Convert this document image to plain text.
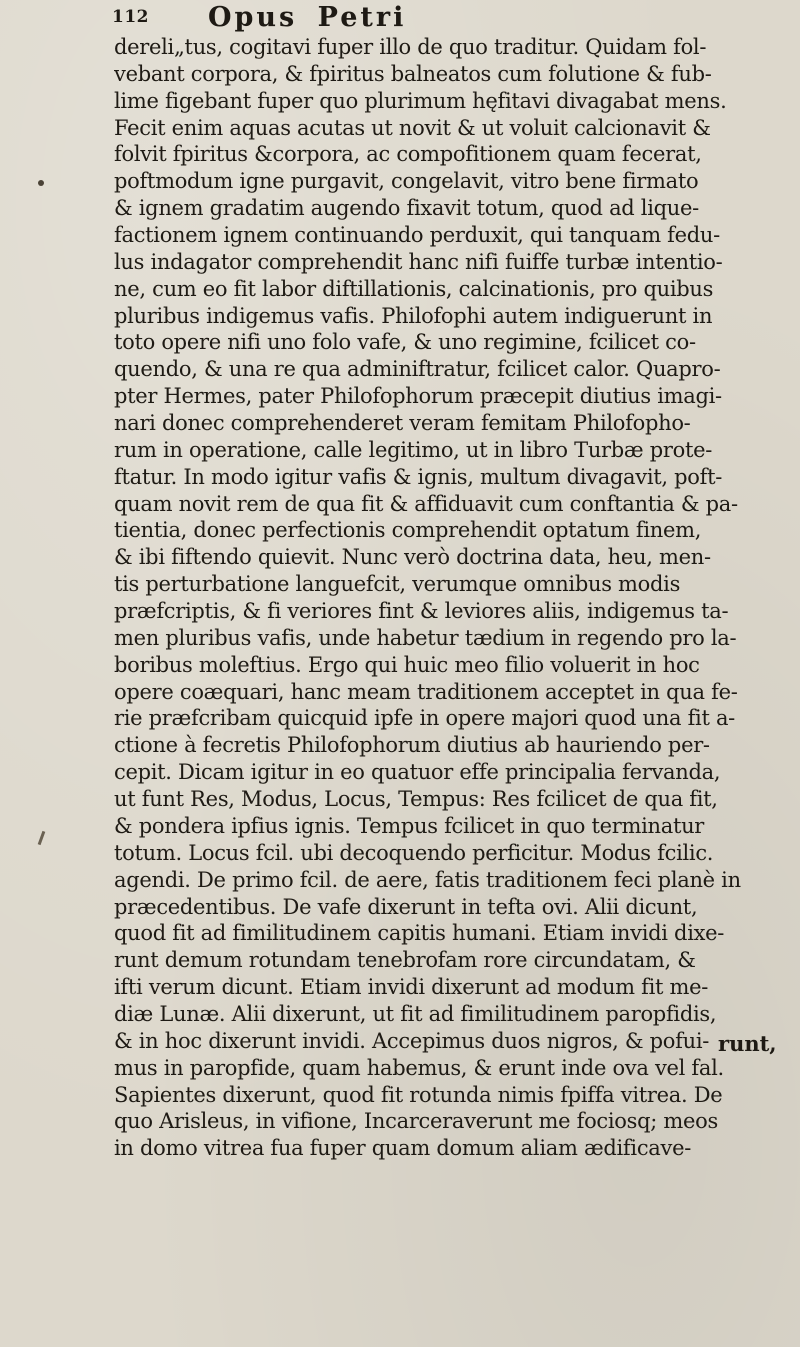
112 Opus Petri
dereli„tus, cogitavi fuper illo de quo traditur. Quidam fol-
vebant corpora, & fpiritus balneatos cum folutione & fub-
lime figebant fuper quo plurimum hęfitavi divagabat mens.
Fecit enim aquas acutas ut novit & ut voluit calcionavit &
folvit fpiritus &corpora, ac compofitionem quam fecerat,
poftmodum igne purgavit, congelavit, vitro bene firmato
& ignem gradatim augendo fixavit totum, quod ad lique-
factionem ignem continuando perduxit, qui tanquam fedu-
lus indagator comprehendit hanc nifi fuiffe turbæ intentio-
ne, cum eo fit labor diftillationis, calcinationis, pro quibus
pluribus indigemus vafis. Philofophi autem indiguerunt in
toto opere nifi uno folo vafe, & uno regimine, fcilicet co-
quendo, & una re qua adminiftratur, fcilicet calor. Quapro-
pter Hermes, pater Philofophorum præcepit diutius imagi-
nari donec comprehenderet veram femitam Philofopho-
rum in operatione, calle legitimo, ut in libro Turbæ prote-
ftatur. In modo igitur vafis & ignis, multum divagavit, poft-
quam novit rem de qua fit & affiduavit cum conftantia & pa-
tientia, donec perfectionis comprehendit optatum finem,
& ibi fiftendo quievit. Nunc verò doctrina data, heu, men-
tis perturbatione languefcit, verumque omnibus modis
præfcriptis, & fi veriores fint & leviores aliis, indigemus ta-
men pluribus vafis, unde habetur tædium in regendo pro la-
boribus moleftius. Ergo qui huic meo filio voluerit in hoc
opere coæquari, hanc meam traditionem acceptet in qua fe-
rie præfcribam quicquid ipfe in opere majori quod una fit a-
ctione à fecretis Philofophorum diutius ab hauriendo per-
cepit. Dicam igitur in eo quatuor effe principalia fervanda,
ut funt Res, Modus, Locus, Tempus: Res fcilicet de qua fit,
& pondera ipfius ignis. Tempus fcilicet in quo terminatur
totum. Locus fcil. ubi decoquendo perficitur. Modus fcilic.
agendi. De primo fcil. de aere, fatis traditionem feci planè in
præcedentibus. De vafe dixerunt in tefta ovi. Alii dicunt,
quod fit ad fimilitudinem capitis humani. Etiam invidi dixe-
runt demum rotundam tenebrofam rore circundatam, &
ifti verum dicunt. Etiam invidi dixerunt ad modum fit me-
diæ Lunæ. Alii dixerunt, ut fit ad fimilitudinem paropfidis,
& in hoc dixerunt invidi. Accepimus duos nigros, & pofui-
mus in paropfide, quam habemus, & erunt inde ova vel fal.
Sapientes dixerunt, quod fit rotunda nimis fpiffa vitrea. De
quo Arisleus, in vifione, Incarceraverunt me fociosq; meos
in domo vitrea fua fuper quam domum aliam ædificave-
runt,
